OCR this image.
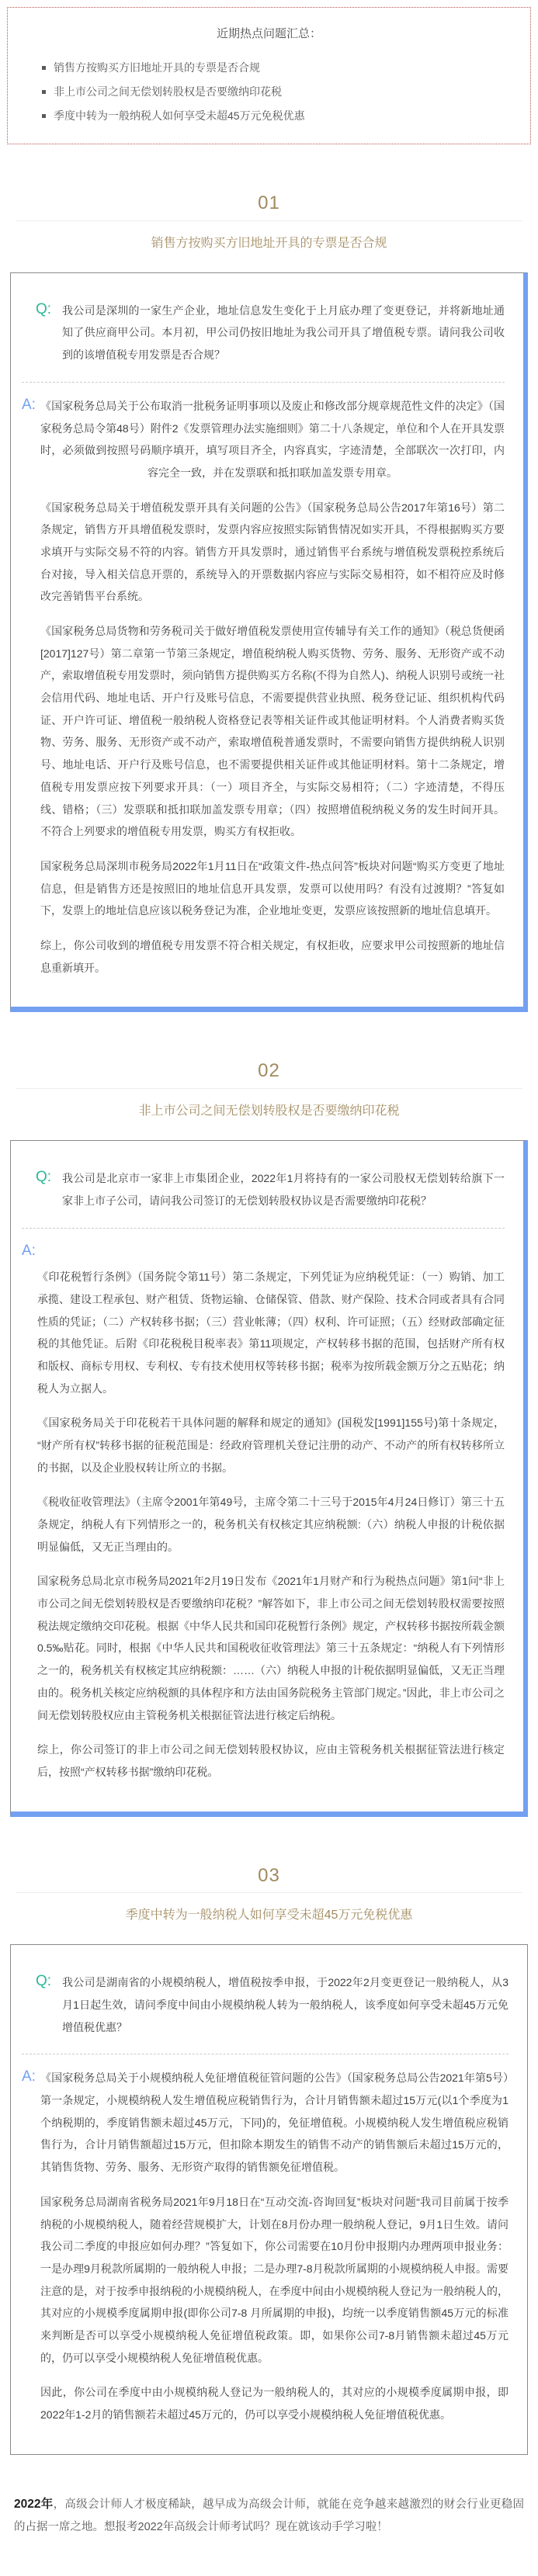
近期热点问题汇总：
销售方按购买方旧地址开具的专票是否合规
非上市公司之间无偿划转股权是否要缴纳印花税
季度中转为一般纳税人如何享受未超45万元免税优惠
01
销售方按购买方旧地址开具的专票是否合规
Q: 我公司是深圳的一家生产企业，地址信息发生变化于上月底办理了变更登记，并将新地址通知了供应商甲公司。本月初，甲公司仍按旧地址为我公司开具了增值税专票。请问我公司收到的该增值税专用发票是否合规？
A: 《国家税务总局关于公布取消一批税务证明事项以及废止和修改部分规章规范性文件的决定》（国家税务总局令第48号）附件2《发票管理办法实施细则》第二十八条规定，单位和个人在开具发票时，必须做到按照号码顺序填开，填写项目齐全，内容真实，字迹清楚，全部联次一次打印，内容完全一致，并在发票联和抵扣联加盖发票专用章。

《国家税务总局关于增值税发票开具有关问题的公告》（国家税务总局公告2017年第16号）第二条规定，销售方开具增值税发票时，发票内容应按照实际销售情况如实开具，不得根据购买方要求填开与实际交易不符的内容。销售方开具发票时，通过销售平台系统与增值税发票税控系统后台对接，导入相关信息开票的，系统导入的开票数据内容应与实际交易相符，如不相符应及时修改完善销售平台系统。

《国家税务总局货物和劳务税司关于做好增值税发票使用宣传辅导有关工作的通知》（税总货便函[2017]127号）第二章第一节第三条规定，增值税纳税人购买货物、劳务、服务、无形资产或不动产，索取增值税专用发票时，须向销售方提供购买方名称(不得为自然人)、纳税人识别号或统一社会信用代码、地址电话、开户行及账号信息，不需要提供营业执照、税务登记证、组织机构代码证、开户许可证、增值税一般纳税人资格登记表等相关证件或其他证明材料。个人消费者购买货物、劳务、服务、无形资产或不动产，索取增值税普通发票时，不需要向销售方提供纳税人识别号、地址电话、开户行及账号信息，也不需要提供相关证件或其他证明材料。第十二条规定，增值税专用发票应按下列要求开具：（一）项目齐全，与实际交易相符；（二）字迹清楚，不得压线、错格；（三）发票联和抵扣联加盖发票专用章；（四）按照增值税纳税义务的发生时间开具。不符合上列要求的增值税专用发票，购买方有权拒收。

国家税务总局深圳市税务局2022年1月11日在“政策文件-热点问答”板块对问题“购买方变更了地址信息，但是销售方还是按照旧的地址信息开具发票，发票可以使用吗？有没有过渡期？”答复如下，发票上的地址信息应该以税务登记为准，企业地址变更，发票应该按照新的地址信息填开。

综上，你公司收到的增值税专用发票不符合相关规定，有权拒收，应要求甲公司按照新的地址信息重新填开。

02
非上市公司之间无偿划转股权是否要缴纳印花税
Q: 我公司是北京市一家非上市集团企业，2022年1月将持有的一家公司股权无偿划转给旗下一家非上市子公司，请问我公司签订的无偿划转股权协议是否需要缴纳印花税？
A:

《印花税暂行条例》（国务院令第11号）第二条规定，下列凭证为应纳税凭证：（一）购销、加工承揽、建设工程承包、财产租赁、货物运输、仓储保管、借款、财产保险、技术合同或者具有合同性质的凭证；（二）产权转移书据；（三）营业帐薄；（四）权利、许可证照；（五）经财政部确定征税的其他凭证。后附《印花税税目税率表》第11项规定，产权转移书据的范围，包括财产所有权和版权、商标专用权、专利权、专有技术使用权等转移书据；税率为按所载金额万分之五贴花；纳税人为立据人。

《国家税务局关于印花税若干具体问题的解释和规定的通知》(国税发[1991]155号)第十条规定，“财产所有权”转移书据的征税范围是：经政府管理机关登记注册的动产、不动产的所有权转移所立的书据，以及企业股权转让所立的书据。

《税收征收管理法》（主席令2001年第49号，主席令第二十三号于2015年4月24日修订）第三十五条规定，纳税人有下列情形之一的，税务机关有权核定其应纳税额:（六）纳税人申报的计税依据明显偏低，又无正当理由的。

国家税务总局北京市税务局2021年2月19日发布《2021年1月财产和行为税热点问题》第1问“非上市公司之间无偿划转股权是否要缴纳印花税？”解答如下，非上市公司之间无偿划转股权需要按照税法规定缴纳交印花税。根据《中华人民共和国印花税暂行条例》规定，产权转移书据按所载金额0.5‰贴花。同时，根据《中华人民共和国税收征收管理法》第三十五条规定：“纳税人有下列情形之一的，税务机关有权核定其应纳税额：……（六）纳税人申报的计税依据明显偏低，又无正当理由的。税务机关核定应纳税额的具体程序和方法由国务院税务主管部门规定。”因此，非上市公司之间无偿划转股权应由主管税务机关根据征管法进行核定后纳税。

综上，你公司签订的非上市公司之间无偿划转股权协议，应由主管税务机关根据征管法进行核定后，按照“产权转移书据”缴纳印花税。

03
季度中转为一般纳税人如何享受未超45万元免税优惠
Q: 我公司是湖南省的小规模纳税人，增值税按季申报，于2022年2月变更登记一般纳税人，从3月1日起生效，请问季度中间由小规模纳税人转为一般纳税人，该季度如何享受未超45万元免增值税优惠？
A: 《国家税务总局关于小规模纳税人免征增值税征管问题的公告》（国家税务总局公告2021年第5号）第一条规定，小规模纳税人发生增值税应税销售行为，合计月销售额未超过15万元(以1个季度为1个纳税期的，季度销售额未超过45万元，下同)的，免征增值税。小规模纳税人发生增值税应税销售行为，合计月销售额超过15万元，但扣除本期发生的销售不动产的销售额后未超过15万元的，其销售货物、劳务、服务、无形资产取得的销售额免征增值税。

国家税务总局湖南省税务局2021年9月18日在“互动交流-咨询回复”板块对问题“我司目前属于按季纳税的小规模纳税人，随着经营规模扩大，计划在8月份办理一般纳税人登记，9月1日生效。请问我公司二季度的申报应如何办理？”答复如下，你公司需要在10月份申报期内办理两项申报业务：一是办理9月税款所属期的一般纳税人申报；二是办理7-8月税款所属期的小规模纳税人申报。需要注意的是，对于按季申报纳税的小规模纳税人，在季度中间由小规模纳税人登记为一般纳税人的，其对应的小规模季度属期申报(即你公司7-8 月所属期的申报)，均统一以季度销售额45万元的标准来判断是否可以享受小规模纳税人免征增值税政策。即，如果你公司7-8月销售额未超过45万元的，仍可以享受小规模纳税人免征增值税优惠。

因此，你公司在季度中由小规模纳税人登记为一般纳税人的，其对应的小规模季度属期申报，即2022年1-2月的销售额若未超过45万元的，仍可以享受小规模纳税人免征增值税优惠。

2022年，高级会计师人才极度稀缺，越早成为高级会计师，就能在竞争越来越激烈的财会行业更稳固的占据一席之地。想报考2022年高级会计师考试吗？现在就该动手学习啦！
